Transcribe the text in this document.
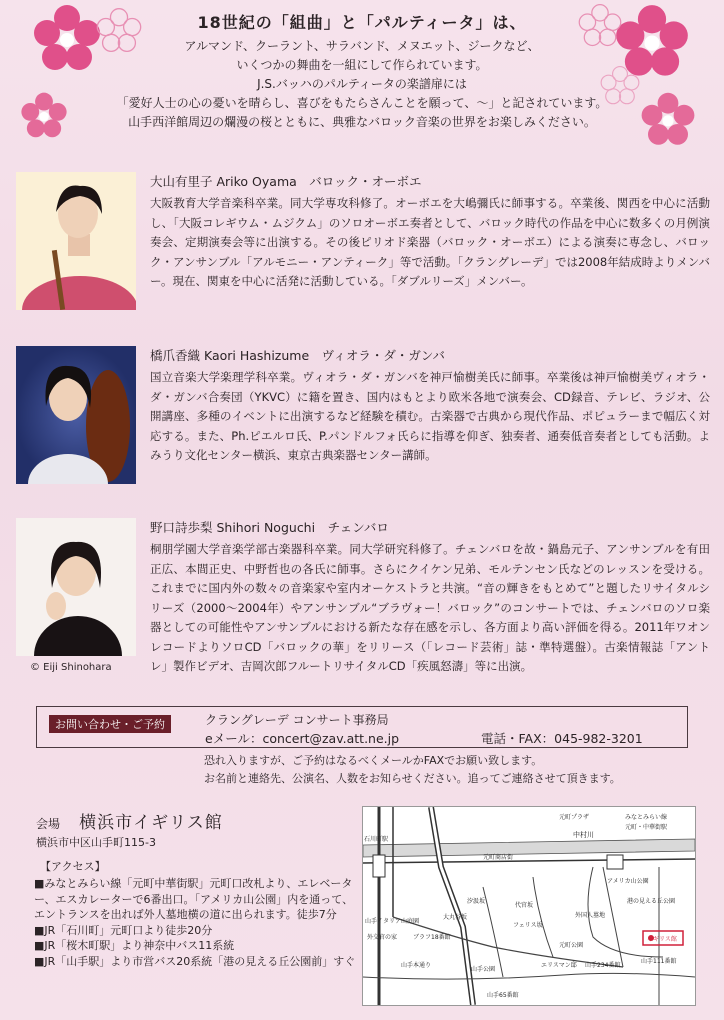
18世紀の「組曲」と「パルティータ」は、
アルマンド、クーラント、サラバンド、メヌエット、ジークなど、
いくつかの舞曲を一組にして作られています。
J.S.バッハのパルティータの楽譜扉には
「愛好人士の心の憂いを晴らし、喜びをもたらさんことを願って、〜」と記されています。
山手西洋館周辺の爛漫の桜とともに、典雅なバロック音楽の世界をお楽しみください。
大山有里子 Ariko Oyama　バロック・オーボエ
大阪教育大学音楽科卒業。同大学専攻科修了。オーボエを大嶋彌氏に師事する。卒業後、関西を中心に活動し、「大阪コレギウム・ムジクム」のソロオーボエ奏者として、バロック時代の作品を中心に数多くの月例演奏会、定期演奏会等に出演する。その後ピリオド楽器（バロック・オーボエ）による演奏に専念し、バロック・アンサンブル「アルモニー・アンティーク」等で活動。「クラングレーデ」では2008年結成時よりメンバー。現在、関東を中心に活発に活動している。「ダブルリーズ」メンバー。
橋爪香織 Kaori Hashizume　ヴィオラ・ダ・ガンバ
国立音楽大学楽理学科卒業。ヴィオラ・ダ・ガンバを神戸愉樹美氏に師事。卒業後は神戸愉樹美ヴィオラ・ダ・ガンバ合奏団（YKVC）に籍を置き、国内はもとより欧米各地で演奏会、CD録音、テレビ、ラジオ、公開講座、多種のイベントに出演するなど経験を積む。古楽器で古典から現代作品、ポピュラーまで幅広く対応する。また、Ph.ピエルロ氏、P.パンドルフォ氏らに指導を仰ぎ、独奏者、通奏低音奏者としても活動。よみうり文化センター横浜、東京古典楽器センター講師。
野口詩歩梨 Shihori Noguchi　チェンバロ
桐朋学園大学音楽学部古楽器科卒業。同大学研究科修了。チェンバロを故・鍋島元子、アンサンブルを有田正広、本間正史、中野哲也の各氏に師事。さらにクイケン兄弟、モルテンセン氏などのレッスンを受ける。これまでに国内外の数々の音楽家や室内オーケストラと共演。“音の輝きをもとめて”と題したリサイタルシリーズ（2000〜2004年）やアンサンブル“ブラヴォー！バロック”のコンサートでは、チェンバロのソロ楽器としての可能性やアンサンブルにおける新たな存在感を示し、各方面より高い評価を得る。2011年ワオンレコードよりソロCD「バロックの華」をリリース（「レコード芸術」誌・準特選盤）。古楽情報誌「アントレ」製作ビデオ、吉岡次郎フルートリサイタルCD「疾風怒濤」等に出演。
© Eiji Shinohara
お問い合わせ・ご予約	クラングレーデ コンサート事務局
eメール：concert@zav.att.ne.jp	電話・FAX：045-982-3201
恐れ入りますが、ご予約はなるべくメールかFAXでお願い致します。
お名前と連絡先、公演名、人数をお知らせください。追ってご連絡させて頂きます。
会場 横浜市イギリス館
横浜市中区山手町115-3
【アクセス】
■みなとみらい線「元町中華街駅」元町口改札より、エレベーター、エスカレーターで6番出口。「アメリカ山公園」内を通って、エントランスを出れば外人墓地横の道に出られます。徒歩7分
■JR「石川町」元町口より徒歩20分
■JR「桜木町駅」より神奈中バス11系統
■JR「山手駅」より市営バス20系統「港の見える丘公園前」すぐ
石川町駅
元町プラザ	みなとみらい線
元町・中華街駅
中村川
元町商店街
アメリカ山公園
大丸谷坂
汐汲坂
代官坂
フェリス坂
外国人墓地
港の見える丘公園
元町公園
山手イタリア山庭園
外交官の家	ブラフ18番館
山手本通り
山手公園
エリスマン邸 山手234番館
山手111番館
山手65番館
イギリス館
